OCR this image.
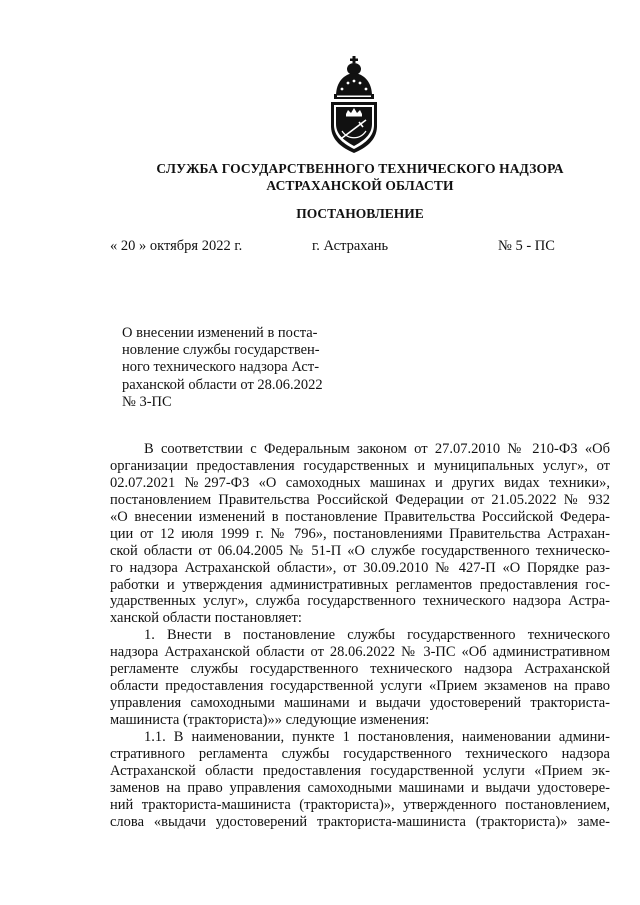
СЛУЖБА ГОСУДАРСТВЕННОГО ТЕХНИЧЕСКОГО НАДЗОРА
АСТРАХАНСКОЙ ОБЛАСТИ
ПОСТАНОВЛЕНИЕ
« 20 » октября 2022 г.	г. Астрахань	№ 5 - ПС
О внесении изменений в поста-
новление службы государствен-
ного технического надзора Аст-
раханской области от 28.06.2022
№ 3-ПС
В соответствии с Федеральным законом от 27.07.2010 № 210-ФЗ «Об
организации предоставления государственных и муниципальных услуг», от
02.07.2021 №297-ФЗ «О самоходных машинах и других видах техники»,
постановлением Правительства Российской Федерации от 21.05.2022 № 932
«О внесении изменений в постановление Правительства Российской Федера-
ции от 12 июля 1999 г. № 796», постановлениями Правительства Астрахан-
ской области от 06.04.2005 № 51-П «О службе государственного техническо-
го надзора Астраханской области», от 30.09.2010 № 427-П «О Порядке раз-
работки и утверждения административных регламентов предоставления гос-
ударственных услуг», служба государственного технического надзора Астра-
ханской области постановляет:
1. Внести в постановление службы государственного технического
надзора Астраханской области от 28.06.2022 № 3-ПС «Об административном
регламенте службы государственного технического надзора Астраханской
области предоставления государственной услуги «Прием экзаменов на право
управления самоходными машинами и выдачи удостоверений тракториста-
машиниста (тракториста)»» следующие изменения:
1.1. В наименовании, пункте 1 постановления, наименовании админи-
стративного регламента службы государственного технического надзора
Астраханской области предоставления государственной услуги «Прием эк-
заменов на право управления самоходными машинами и выдачи удостовере-
ний тракториста-машиниста (тракториста)», утвержденного постановлением,
слова «выдачи удостоверений тракториста-машиниста (тракториста)» заме-
